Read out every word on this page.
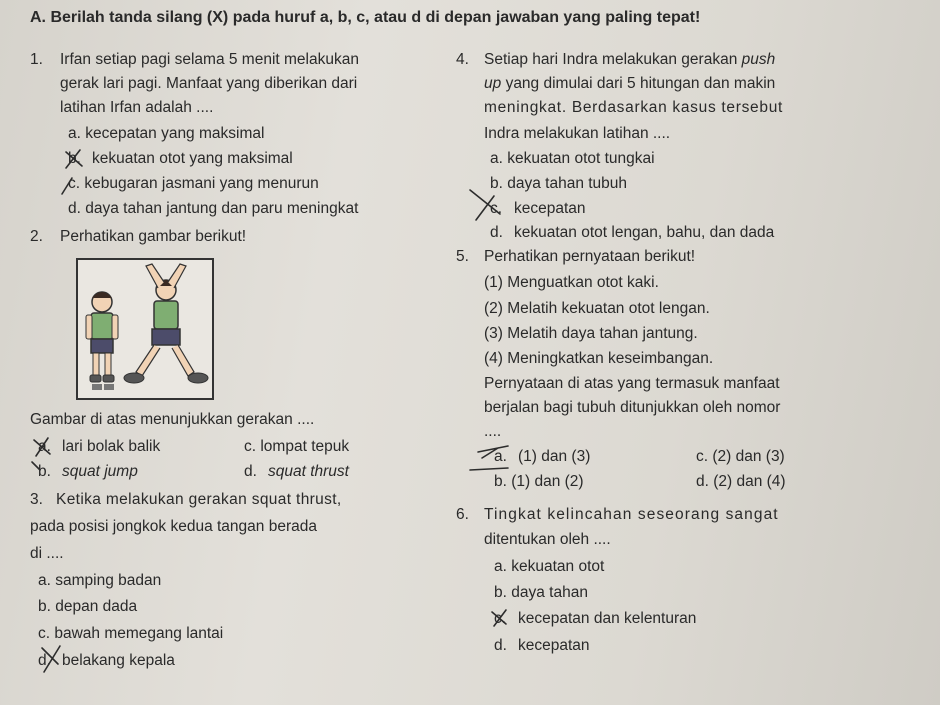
A. Berilah tanda silang (X) pada huruf a, b, c, atau d di depan jawaban yang paling tepat!
1. Irfan setiap pagi selama 5 menit melakukan
gerak lari pagi. Manfaat yang diberikan dari
latihan Irfan adalah ....
a. kecepatan yang maksimal
b. kekuatan otot yang maksimal
c. kebugaran jasmani yang menurun
d. daya tahan jantung dan paru meningkat
2. Perhatikan gambar berikut!
Gambar di atas menunjukkan gerakan ....
a. lari bolak balik	c. lompat tepuk
b. squat jump	d. squat thrust
3. Ketika melakukan gerakan squat thrust,
pada posisi jongkok kedua tangan berada
di ....
a. samping badan
b. depan dada
c. bawah memegang lantai
d. belakang kepala
4. Setiap hari Indra melakukan gerakan push
up yang dimulai dari 5 hitungan dan makin
meningkat. Berdasarkan kasus tersebut
Indra melakukan latihan ....
a. kekuatan otot tungkai
b. daya tahan tubuh
c. kecepatan
d. kekuatan otot lengan, bahu, dan dada
5. Perhatikan pernyataan berikut!
(1) Menguatkan otot kaki.
(2) Melatih kekuatan otot lengan.
(3) Melatih daya tahan jantung.
(4) Meningkatkan keseimbangan.
Pernyataan di atas yang termasuk manfaat
berjalan bagi tubuh ditunjukkan oleh nomor
....
a. (1) dan (3)	c. (2) dan (3)
b. (1) dan (2)	d. (2) dan (4)
6. Tingkat kelincahan seseorang sangat
ditentukan oleh ....
a. kekuatan otot
b. daya tahan
c. kecepatan dan kelenturan
d. kecepatan
